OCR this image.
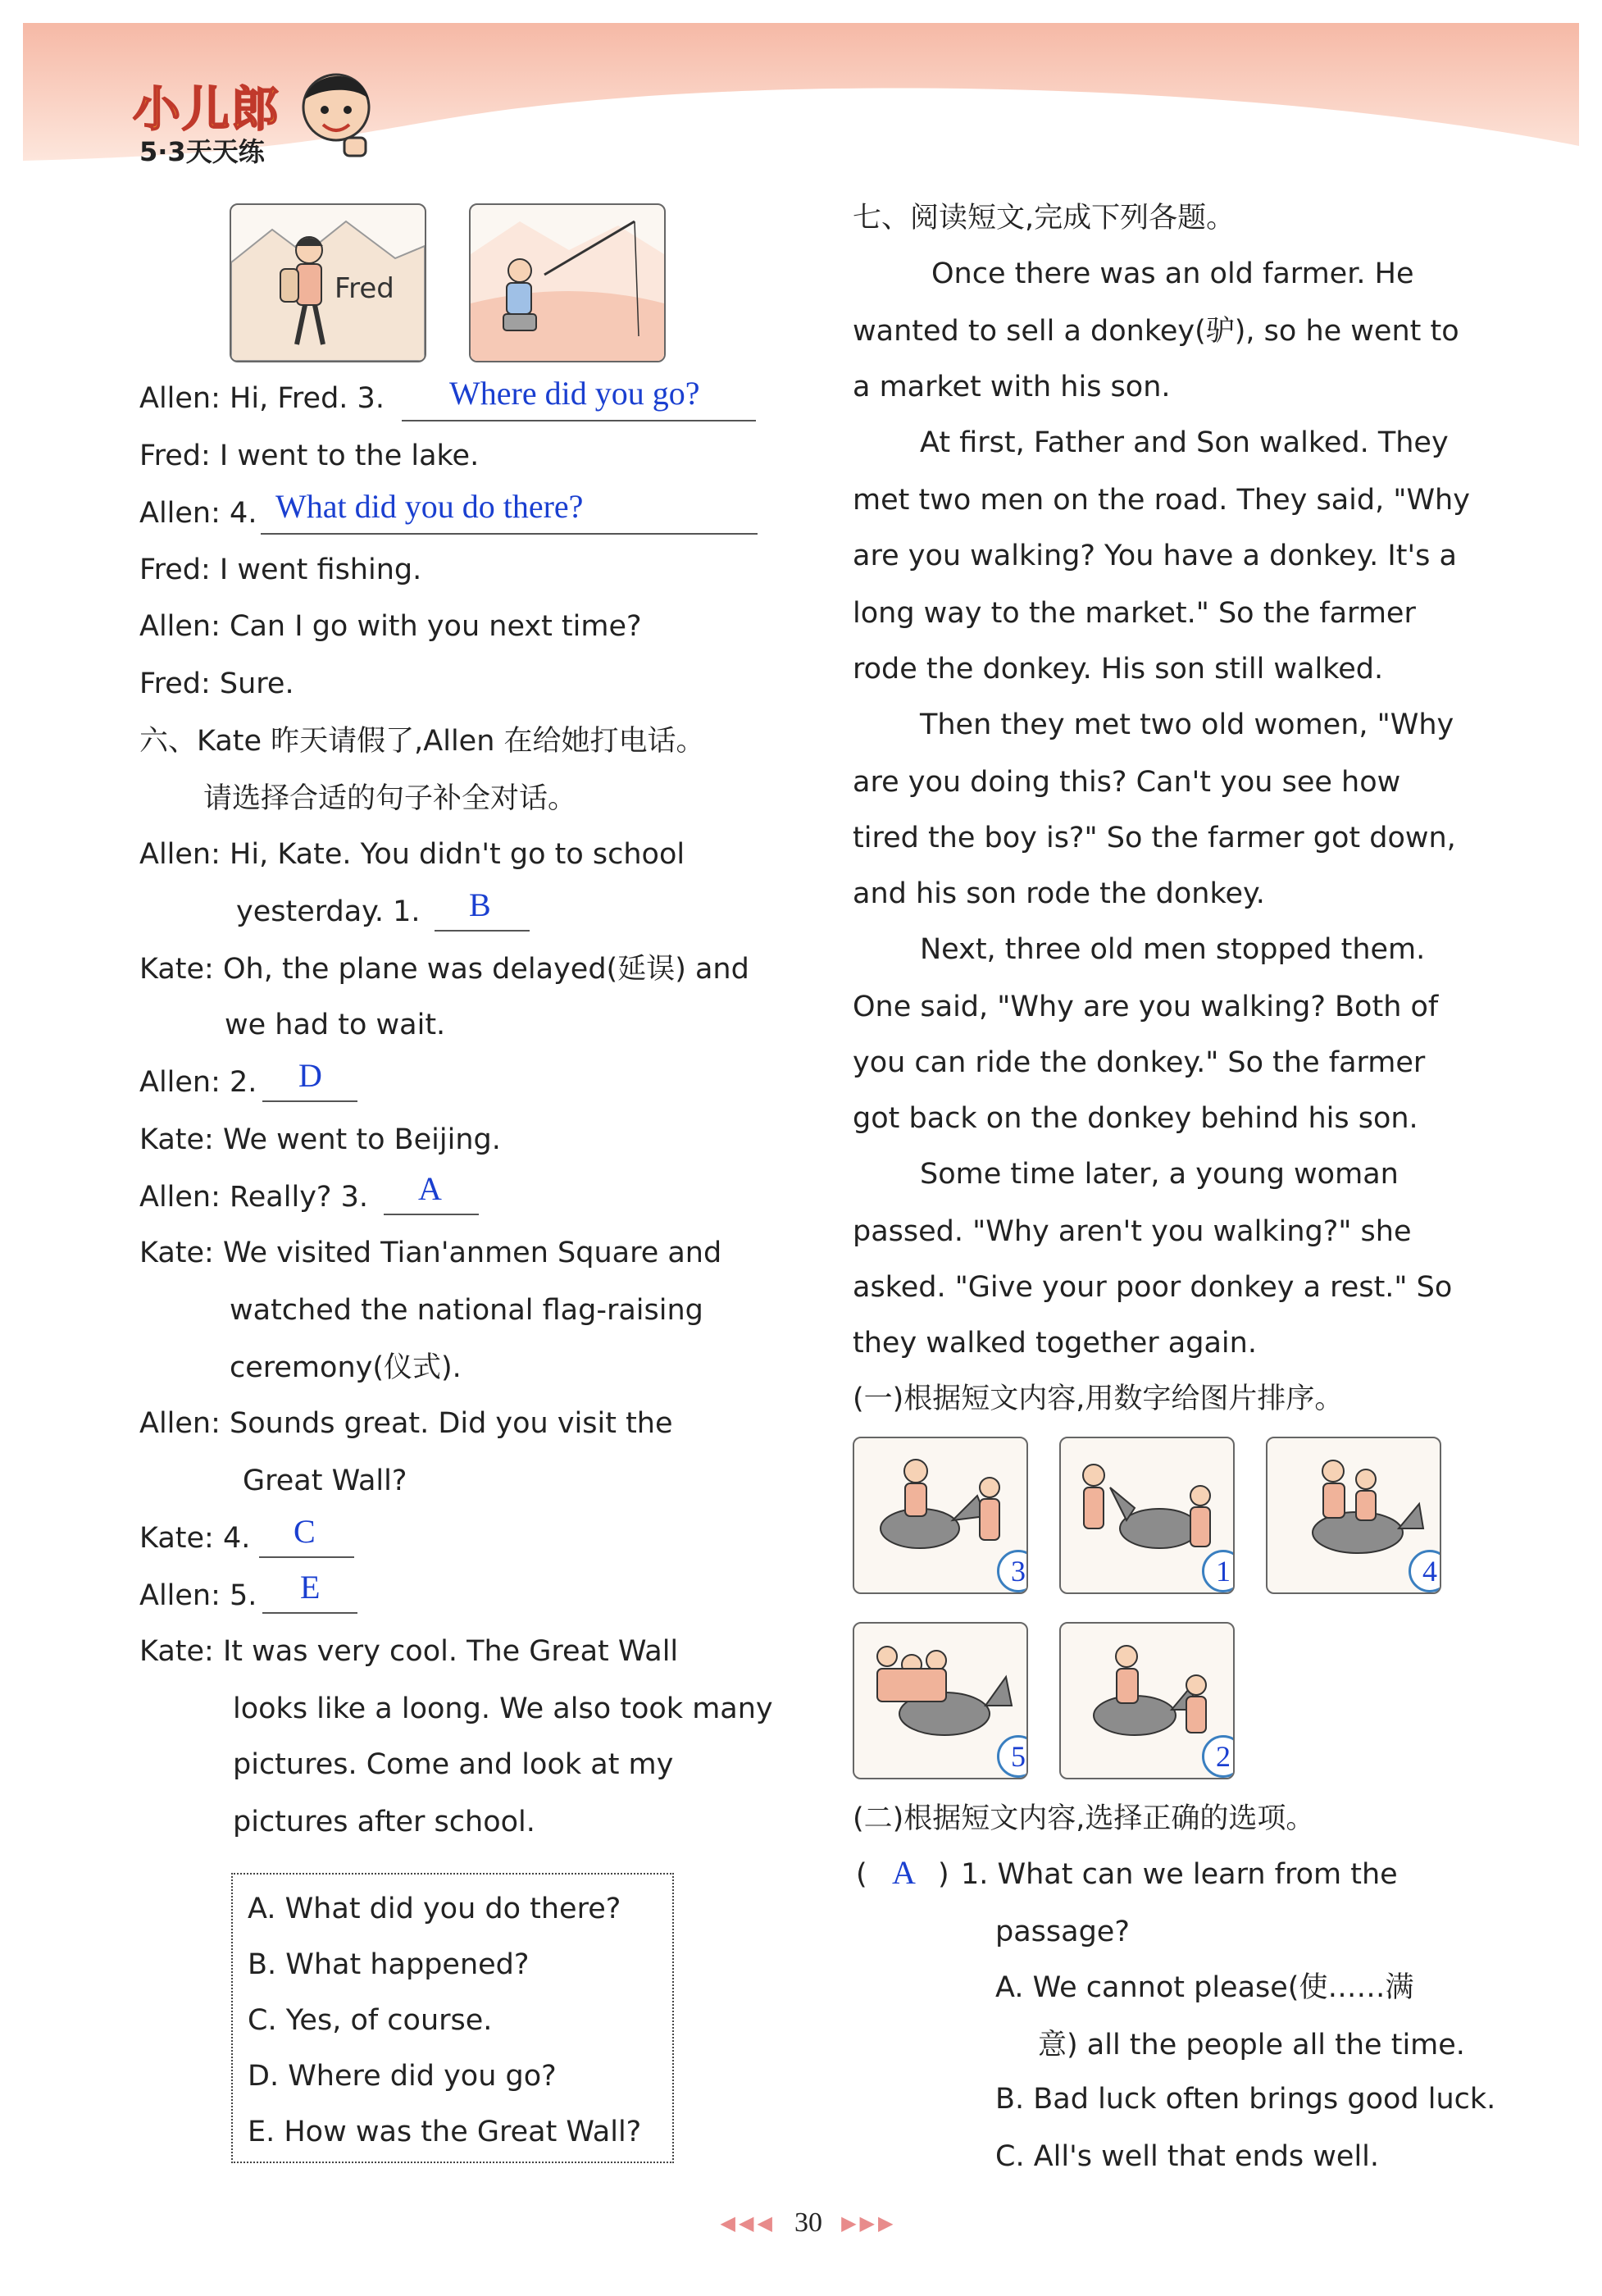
小儿郎
5·3天天练
Fred
Allen: Hi, Fred. 3. Where did you go?
Fred: I went to the lake.
Allen: 4. What did you do there?
Fred: I went fishing.
Allen: Can I go with you next time?
Fred: Sure.
六、Kate 昨天请假了,Allen 在给她打电话。
请选择合适的句子补全对话。
Allen: Hi, Kate. You didn't go to school
yesterday. 1. B
Kate: Oh, the plane was delayed(延误) and
we had to wait.
Allen: 2. D
Kate: We went to Beijing.
Allen: Really? 3. A
Kate: We visited Tian'anmen Square and
watched the national flag-raising
ceremony(仪式).
Allen: Sounds great. Did you visit the
Great Wall?
Kate: 4. C
Allen: 5. E
Kate: It was very cool. The Great Wall
looks like a loong. We also took many
pictures. Come and look at my
pictures after school.
A. What did you do there?
B. What happened?
C. Yes, of course.
D. Where did you go?
E. How was the Great Wall?
七、阅读短文,完成下列各题。
Once there was an old farmer. He
wanted to sell a donkey(驴), so he went to
a market with his son.
At first, Father and Son walked. They
met two men on the road. They said, "Why
are you walking? You have a donkey. It's a
long way to the market." So the farmer
rode the donkey. His son still walked.
Then they met two old women, "Why
are you doing this? Can't you see how
tired the boy is?" So the farmer got down,
and his son rode the donkey.
Next, three old men stopped them.
One said, "Why are you walking? Both of
you can ride the donkey." So the farmer
got back on the donkey behind his son.
Some time later, a young woman
passed. "Why aren't you walking?" she
asked. "Give your poor donkey a rest." So
they walked together again.
(一)根据短文内容,用数字给图片排序。
3	1	4
5	2
(二)根据短文内容,选择正确的选项。
( A ) 1. What can we learn from the
passage?
A. We cannot please(使……满
意) all the people all the time.
B. Bad luck often brings good luck.
C. All's well that ends well.
◀◀◀ 30 ▶▶▶
